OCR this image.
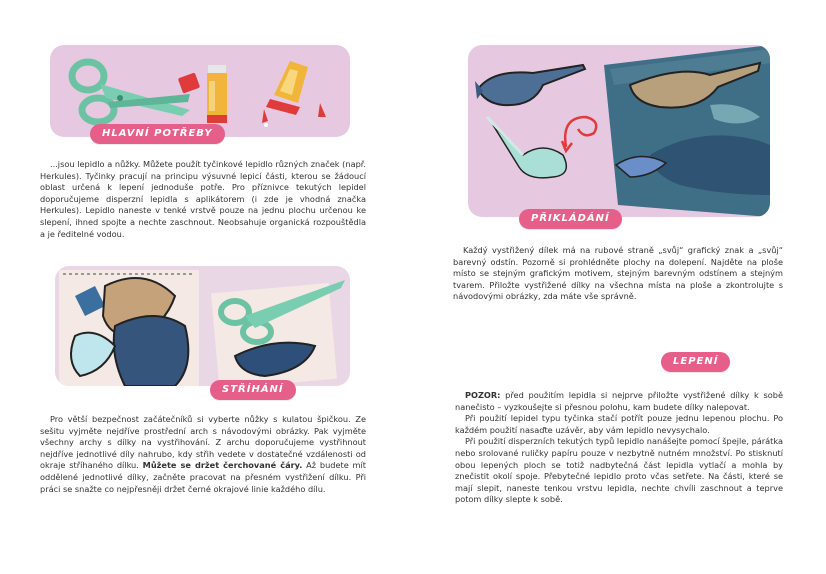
HLAVNÍ POTŘEBY

...jsou lepidlo a nůžky. Můžete použít tyčinkové lepidlo různých značek (např. Herkules). Tyčinky pracují na principu výsuvné lepicí části, kterou se žádoucí oblast určená k lepení jednoduše potře. Pro příznivce tekutých lepidel doporučujeme disperzní lepidla s aplikátorem (i zde je vhodná značka Herkules). Lepidlo naneste v tenké vrstvě pouze na jednu plochu určenou ke slepení, ihned spojte a nechte zaschnout. Neobsahuje organická rozpouštědla a je ředitelné vodou.

STŘÍHÁNÍ

Pro větší bezpečnost začátečníků si vyberte nůžky s kulatou špičkou. Ze sešitu vyjměte nejdříve prostřední arch s návodovými obrázky. Pak vyjměte všechny archy s dílky na vystřihování. Z archu doporučujeme vystřihnout nejdříve jednotlivé díly nahrubo, kdy střih vedete v dostatečné vzdálenosti od okraje stříhaného dílku. Můžete se držet čerchované čáry. Až budete mít oddělené jednotlivé dílky, začněte pracovat na přesném vystřižení dílku. Při práci se snažte co nejpřesněji držet černé okrajové linie každého dílu.

PŘIKLÁDÁNÍ

Každý vystřižený dílek má na rubové straně „svůj“ grafický znak a „svůj“ barevný odstín. Pozorně si prohlédněte plochy na dolepení. Najděte na ploše místo se stejným grafickým motivem, stejným barevným odstínem a stejným tvarem. Přiložte vystřižené dílky na všechna místa na ploše a zkontrolujte s návodovými obrázky, zda máte vše správně.

LEPENÍ

POZOR: před použitím lepidla si nejprve přiložte vystřižené dílky k sobě nanečisto – vyzkoušejte si přesnou polohu, kam budete dílky nalepovat.

Při použití lepidel typu tyčinka stačí potřít pouze jednu lepenou plochu. Po každém použití nasaďte uzávěr, aby vám lepidlo nevysychalo.

Při použití disperzních tekutých typů lepidlo nanášejte pomocí špejle, párátka nebo srolované ruličky papíru pouze v nezbytně nutném množství. Po stisknutí obou lepených ploch se totiž nadbytečná část lepidla vytlačí a mohla by znečistit okolí spoje. Přebytečné lepidlo proto včas setřete. Na části, které se mají slepit, naneste tenkou vrstvu lepidla, nechte chvíli zaschnout a teprve potom dílky slepte k sobě.
